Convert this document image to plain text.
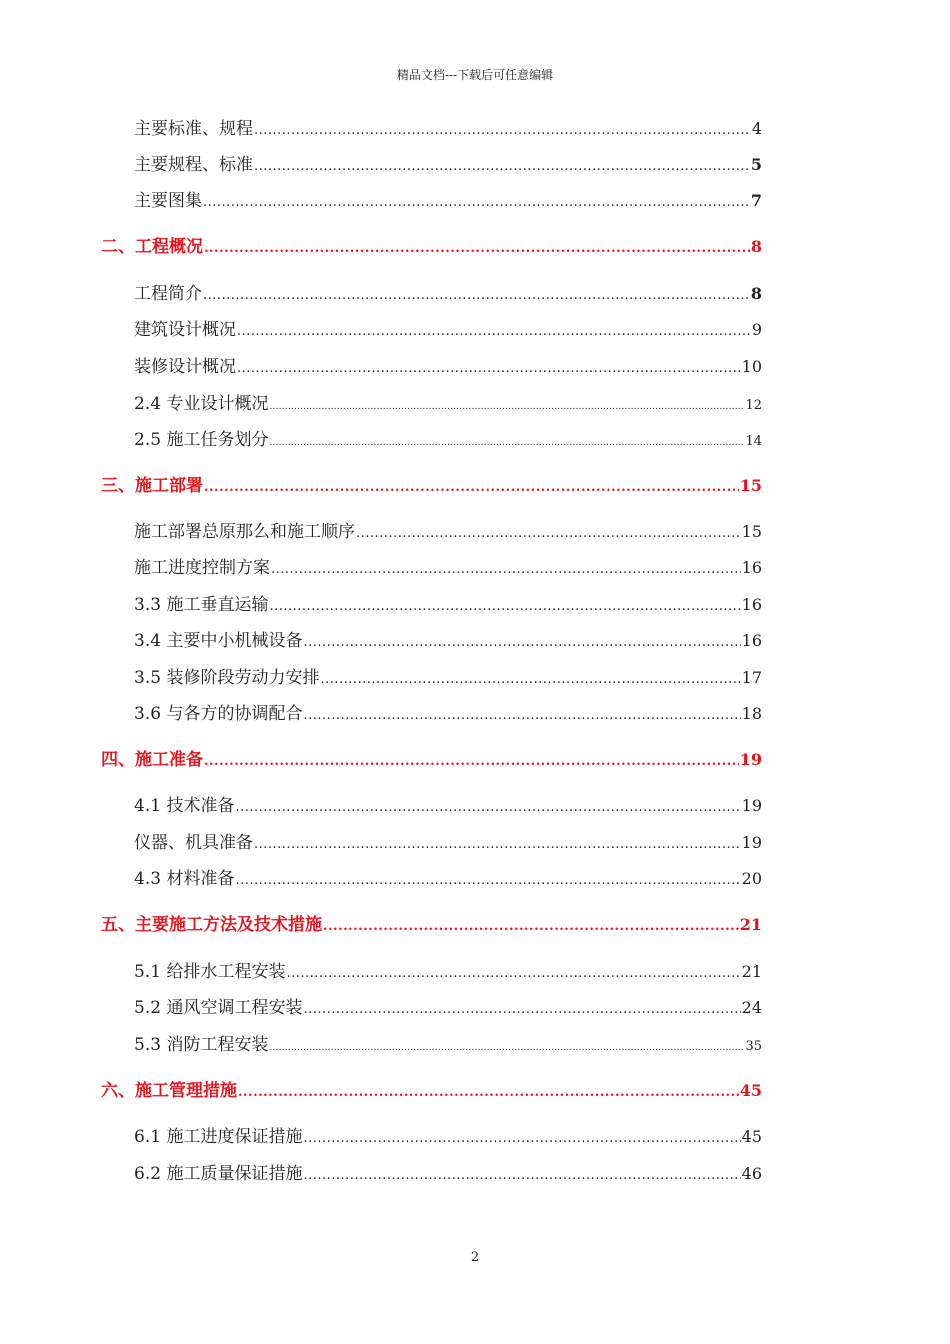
精品文档---下载后可任意编辑
主要标准、规程 .....	4
主要规程、标准 .....	5
主要图集 .....	7
二、工程概况 .....	8
工程简介 .....	8
建筑设计概况 .....	9
装修设计概况 .....	10
2.4 专业设计概况 .....	12
2.5 施工任务划分 .....	14
三、施工部署 .....	15
施工部署总原那么和施工顺序 .....	15
施工进度控制方案 .....	16
3.3 施工垂直运输 .....	16
3.4 主要中小机械设备 .....	16
3.5 装修阶段劳动力安排 .....	17
3.6 与各方的协调配合 .....	18
四、施工准备 .....	19
4.1 技术准备 .....	19
仪器、机具准备 .....	19
4.3 材料准备 .....	20
五、主要施工方法及技术措施 .....	21
5.1 给排水工程安装 .....	21
5.2 通风空调工程安装 .....	24
5.3 消防工程安装 .....	35
六、施工管理措施 .....	45
6.1 施工进度保证措施 .....	45
6.2 施工质量保证措施 .....	46
2
